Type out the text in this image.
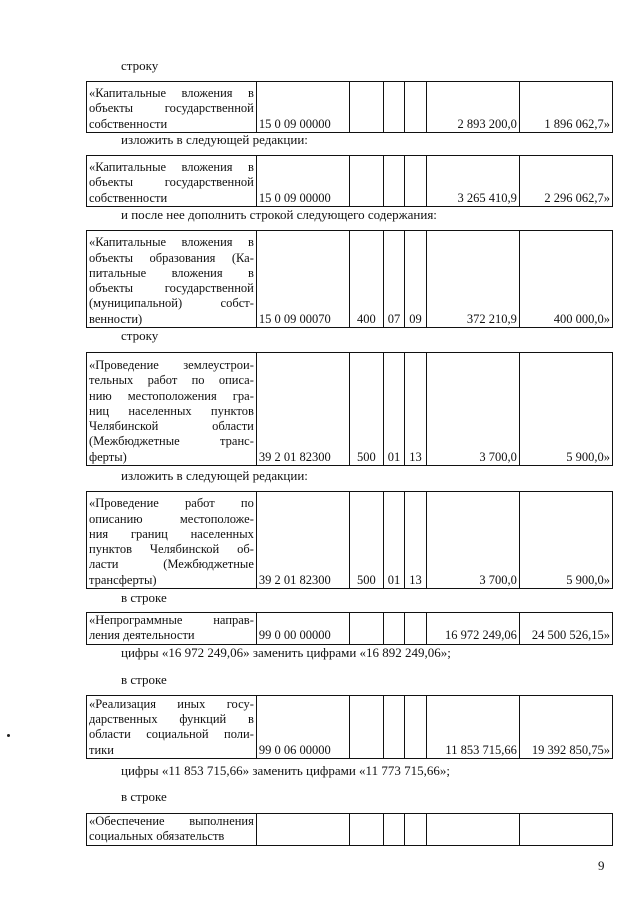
строку
изложить в следующей редакции:
и после нее дополнить строкой следующего содержания:
строку
изложить в следующей редакции:
в строке
цифры «16 972 249,06» заменить цифрами «16 892 249,06»;
в строке
цифры «11 853 715,66» заменить цифрами «11 773 715,66»;
в строке
«Капитальные вложения в
объекты государственной
собственности	15 0 09 00000				2 893 200,0	1 896 062,7»
«Капитальные вложения в
объекты государственной
собственности	15 0 09 00000				3 265 410,9	2 296 062,7»
«Капитальные вложения в
объекты образования (Ка-
питальные вложения в
объекты государственной
(муниципальной) собст-
венности)	15 0 09 00070	400	07	09	372 210,9	400 000,0»
«Проведение землеустрои-
тельных работ по описа-
нию местоположения гра-
ниц населенных пунктов
Челябинской области
(Межбюджетные транс-
ферты)	39 2 01 82300	500	01	13	3 700,0	5 900,0»
«Проведение работ по
описанию местоположе-
ния границ населенных
пунктов Челябинской об-
ласти (Межбюджетные
трансферты)	39 2 01 82300	500	01	13	3 700,0	5 900,0»
«Непрограммные направ-
ления деятельности	99 0 00 00000				16 972 249,06	24 500 526,15»
«Реализация иных госу-
дарственных функций в
области социальной поли-
тики	99 0 06 00000				11 853 715,66	19 392 850,75»
«Обеспечение выполнения
социальных обязательств

9
